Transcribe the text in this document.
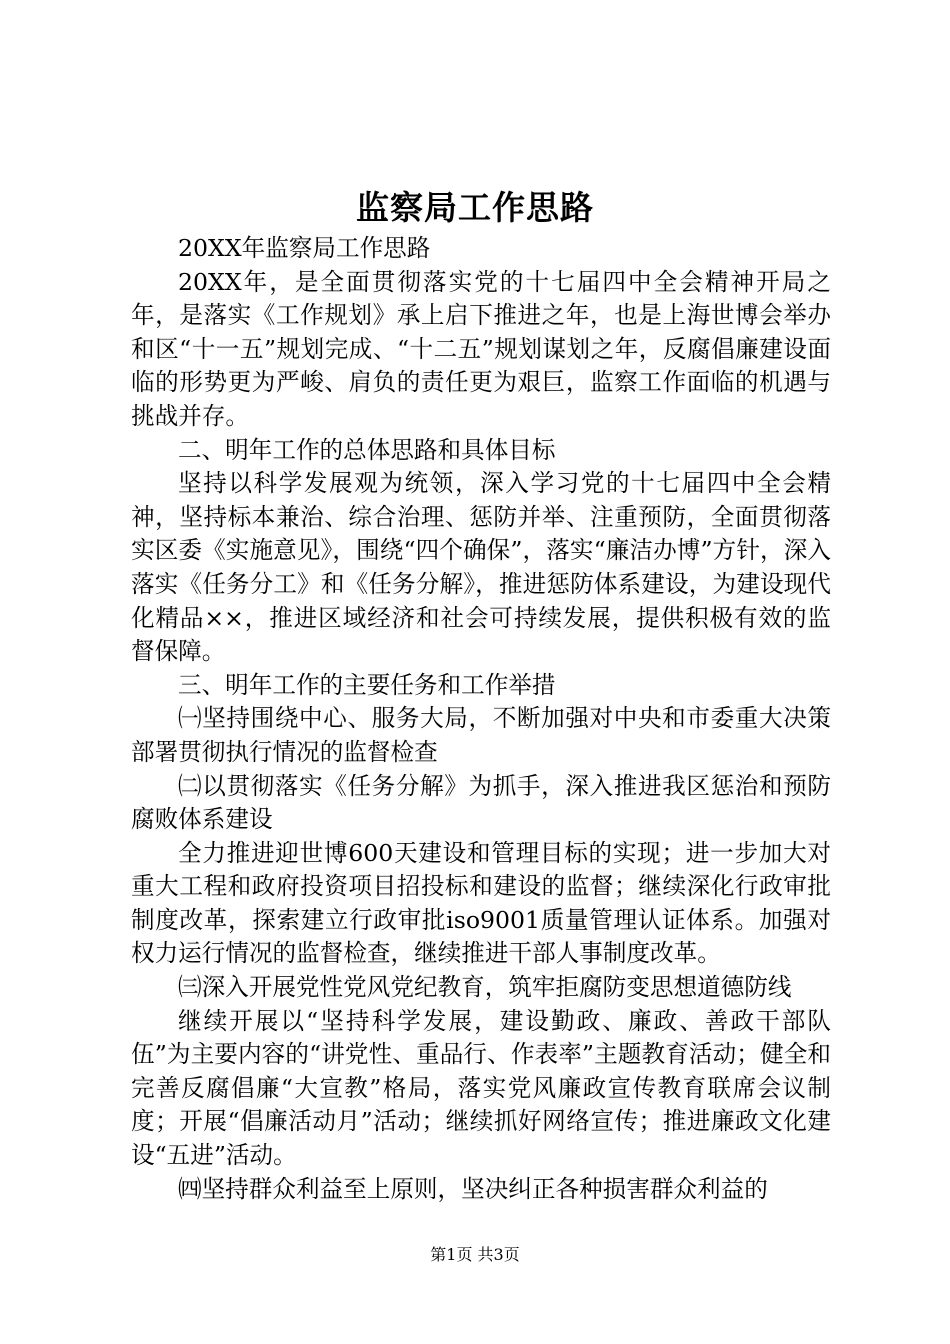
监察局工作思路

20XX年监察局工作思路

20XX年，是全面贯彻落实党的十七届四中全会精神开局之年，是落实《工作规划》承上启下推进之年，也是上海世博会举办和区“十一五”规划完成、“十二五”规划谋划之年，反腐倡廉建设面临的形势更为严峻、肩负的责任更为艰巨，监察工作面临的机遇与挑战并存。

二、明年工作的总体思路和具体目标

坚持以科学发展观为统领，深入学习党的十七届四中全会精神，坚持标本兼治、综合治理、惩防并举、注重预防，全面贯彻落实区委《实施意见》，围绕“四个确保”，落实“廉洁办博”方针，深入落实《任务分工》和《任务分解》，推进惩防体系建设，为建设现代化精品××，推进区域经济和社会可持续发展，提供积极有效的监督保障。

三、明年工作的主要任务和工作举措

㈠坚持围绕中心、服务大局，不断加强对中央和市委重大决策部署贯彻执行情况的监督检查

㈡以贯彻落实《任务分解》为抓手，深入推进我区惩治和预防腐败体系建设

全力推进迎世博600天建设和管理目标的实现；进一步加大对重大工程和政府投资项目招投标和建设的监督；继续深化行政审批制度改革，探索建立行政审批iso9001质量管理认证体系。加强对权力运行情况的监督检查，继续推进干部人事制度改革。

㈢深入开展党性党风党纪教育，筑牢拒腐防变思想道德防线

继续开展以“坚持科学发展，建设勤政、廉政、善政干部队伍”为主要内容的“讲党性、重品行、作表率”主题教育活动；健全和完善反腐倡廉“大宣教”格局，落实党风廉政宣传教育联席会议制度；开展“倡廉活动月”活动；继续抓好网络宣传；推进廉政文化建设“五进”活动。

㈣坚持群众利益至上原则，坚决纠正各种损害群众利益的

第1页 共3页
